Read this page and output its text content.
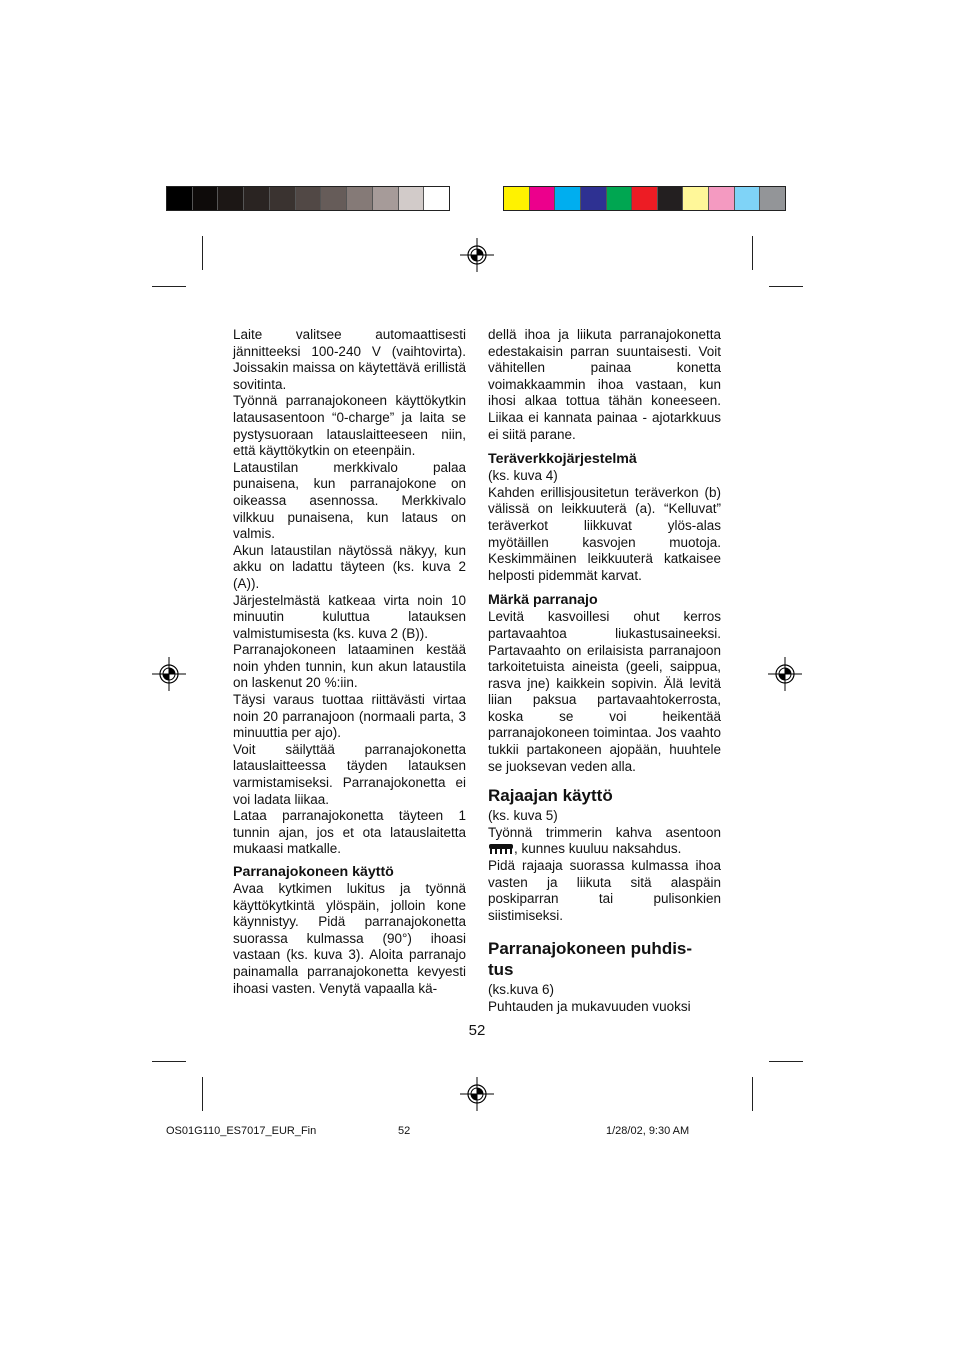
Laite valitsee automaattisesti jännitteeksi 100-240 V (vaihtovirta). Joissakin maissa on käytettävä erillistä sovitinta.

Työnnä parranajokoneen käyttökytkin latausasentoon “0-charge” ja laita se pystysuoraan latauslaitteeseen niin, että käyttökytkin on eteenpäin.

Lataustilan merkkivalo palaa punaisena, kun parranajokone on oikeassa asennossa. Merkkivalo vilkkuu punaisena, kun lataus on valmis.

Akun lataustilan näytössä näkyy, kun akku on ladattu täyteen (ks. kuva 2 (A)).

Järjestelmästä katkeaa virta noin 10 minuutin kuluttua latauksen valmistumisesta (ks. kuva 2 (B)).

Parranajokoneen lataaminen kestää noin yhden tunnin, kun akun lataustila on laskenut 20 %:iin.

Täysi varaus tuottaa riittävästi virtaa noin 20 parranajoon (normaali parta, 3 minuuttia per ajo).

Voit säilyttää parranajokonetta latauslaitteessa täyden latauksen varmistamiseksi. Parranajokonetta ei voi ladata liikaa.

Lataa parranajokonetta täyteen 1 tunnin ajan, jos et ota latauslaitetta mukaasi matkalle.

Parranajokoneen käyttö

Avaa kytkimen lukitus ja työnnä käyttökytkintä ylöspäin, jolloin kone käynnistyy. Pidä parranajokonetta suorassa kulmassa (90°) ihoasi vastaan (ks. kuva 3). Aloita parranajo painamalla parranajokonetta kevyesti ihoasi vasten. Venytä vapaalla kä-

dellä ihoa ja liikuta parranajokonetta edestakaisin parran suuntaisesti. Voit vähitellen painaa konetta voimakkaammin ihoa vastaan, kun ihosi alkaa tottua tähän koneeseen. Liikaa ei kannata painaa - ajotarkkuus ei siitä parane.

Teräverkkojärjestelmä

(ks. kuva 4)

Kahden erillisjousitetun teräverkon (b) välissä on leikkuuterä (a). “Kelluvat” teräverkot liikkuvat ylös-alas myötäillen kasvojen muotoja. Keskimmäinen leikkuuterä katkaisee helposti pidemmät karvat.

Märkä parranajo

Levitä kasvoillesi ohut kerros partavaahtoa liukastusaineeksi. Partavaahto on erilaisista parranajoon tarkoitetuista aineista (geeli, saippua, rasva jne) kaikkein sopivin. Älä levitä liian paksua partavaahtokerrosta, koska se voi heikentää parranajokoneen toimintaa. Jos vaahto tukkii partakoneen ajopään, huuhtele se juoksevan veden alla.

Rajaajan käyttö

(ks. kuva 5)

Työnnä trimmerin kahva asentoon , kunnes kuuluu naksahdus.

Pidä rajaaja suorassa kulmassa ihoa vasten ja liikuta sitä alaspäin poskiparran tai pulisonkien siistimiseksi.

Parranajokoneen puhdis-
tus

(ks.kuva 6)

Puhtauden ja mukavuuden vuoksi

52
OS01G110_ES7017_EUR_Fin	52	1/28/02, 9:30 AM
